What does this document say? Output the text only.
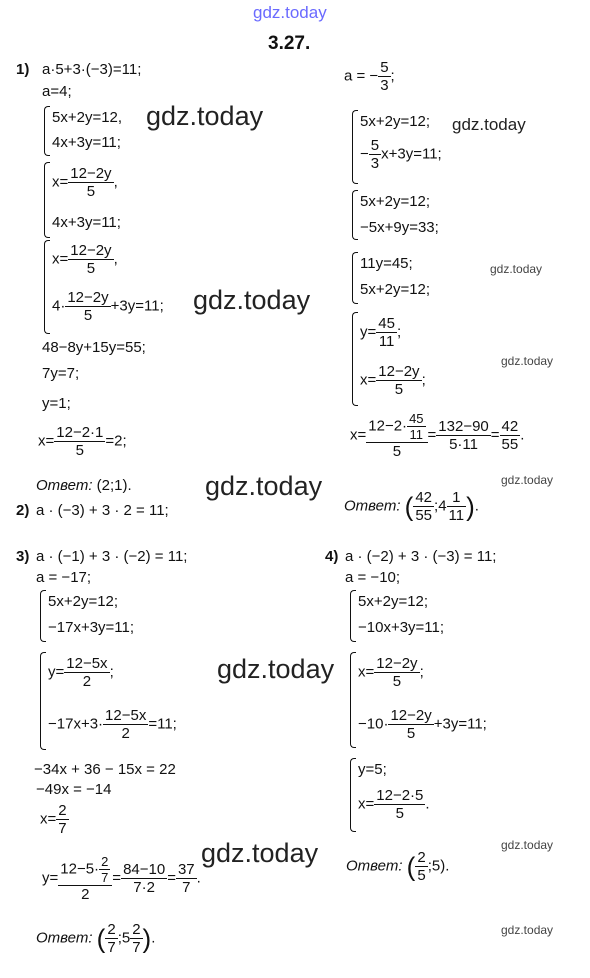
gdz.today
gdz.today	gdz.today
gdz.today
gdz.today
gdz.today
gdz.today
gdz.today
gdz.today
gdz.today	gdz.today
gdz.today
3.27.
1) a·5+3·(−3)=11;
a=4;
5x+2y=12,
4x+3y=11;
$x= \frac{12-2y}{5}$ ,
4x+3y=11;
$x= \frac{12-2y}{5}$ ,
$4\cdot \frac{12-2y}{5} +3y=11$;
48−8y+15y=55;
7y=7;
y=1;
$x= \frac{12-2\cdot 1}{5} =2$;
Ответ: (2;1).
2) a · (−3) + 3 · 2 = 11;
a = − $\frac{5}{3}$ ;
5x+2y=12;
− $\frac{5}{3} x+3y=11$;
5x+2y=12;
−5x+9y=33;
11y=45;
5x+2y=12;
$y= \frac{45}{11}$ ;
$x= \frac{12-2y}{5}$ ;
$x= \frac{12-2\cdot \frac{45}{11}}{5} = \frac{132-90}{5\cdot 11} = \frac{42}{55}$ .
Ответ: ( $\frac{42}{55}$ ;4 $\frac{1}{11}$ ).
3) a · (−1) + 3 · (−2) = 11;
a = −17;
5x+2y=12;
−17x+3y=11;
$y= \frac{12-5x}{2}$ ;
$-17x+3\cdot \frac{12-5x}{2} =11$;
−34x + 36 − 15x = 22
−49x = −14
$x= \frac{2}{7}$
$y= \frac{12-5\cdot \frac{2}{7}}{2} = \frac{84-10}{7\cdot 2} = \frac{37}{7}$ .
Ответ: ( $\frac{2}{7}$ ;5 $\frac{2}{7}$ ).
4) a · (−2) + 3 · (−3) = 11;
a = −10;
5x+2y=12;
−10x+3y=11;
$x= \frac{12-2y}{5}$ ;
$-10\cdot \frac{12-2y}{5} +3y=11$;
y=5;
$x= \frac{12-2\cdot 5}{5}$ .
Ответ: ( $\frac{2}{5}$ ;5).
